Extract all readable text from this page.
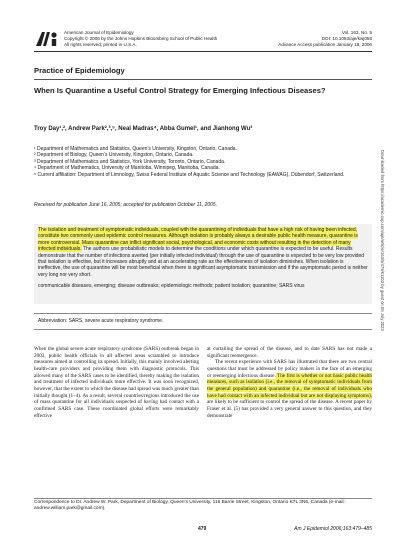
American Journal of Epidemiology
Copyright © 2006 by the Johns Hopkins Bloomberg School of Public Health
All rights reserved; printed in U.S.A.
Vol. 163, No. 5
DOI: 10.1093/aje/kwj056
Advance Access publication January 18, 2006
Practice of Epidemiology
When Is Quarantine a Useful Control Strategy for Emerging Infectious Diseases?
Troy Day¹,², Andrew Park²,³,⁵, Neal Madras⁴, Abba Gumel¹, and Jianhong Wu³
¹ Department of Mathematics and Statistics, Queen’s University, Kingston, Ontario, Canada.
² Department of Biology, Queen’s University, Kingston, Ontario, Canada.
³ Department of Mathematics and Statistics, York University, Toronto, Ontario, Canada.
⁴ Department of Mathematics, University of Manitoba, Winnipeg, Manitoba, Canada.
⁵ Current affiliation: Department of Limnology, Swiss Federal Institute of Aquatic Science and Technology (EAWAG), Dübendorf, Switzerland.
Received for publication June 16, 2005; accepted for publication October 11, 2005.
The isolation and treatment of symptomatic individuals, coupled with the quarantining of individuals that have a high risk of having been infected, constitute two commonly used epidemic control measures. Although isolation is probably always a desirable public health measure, quarantine is more controversial. Mass quarantine can inflict significant social, psychological, and economic costs without resulting in the detection of many infected individuals. The authors use probabilistic models to determine the conditions under which quarantine is expected to be useful. Results demonstrate that the number of infections averted (per initially infected individual) through the use of quarantine is expected to be very low provided that isolation is effective, but it increases abruptly and at an accelerating rate as the effectiveness of isolation diminishes. When isolation is ineffective, the use of quarantine will be most beneficial when there is significant asymptomatic transmission and if the asymptomatic period is neither very long nor very short.
communicable diseases, emerging; disease outbreaks; epidemiologic methods; patient isolation; quarantine; SARS virus
Abbreviation: SARS, severe acute respiratory syndrome.
When the global severe acute respiratory syndrome (SARS) outbreak began in 2003, public health officials in all affected areas scrambled to introduce measures aimed at controlling its spread. Initially, this mainly involved alerting health-care providers and providing them with diagnostic protocols. This allowed many of the SARS cases to be identified, thereby making the isolation and treatment of infected individuals more effective. It was soon recognized, however, that the extent to which the disease had spread was much greater than initially thought (1–4). As a result, several countries/regions introduced the use of mass quarantine for all individuals suspected of having had contact with a confirmed SARS case. These coordinated global efforts were remarkably effective
at curtailing the spread of the disease, and to date SARS has not made a significant reemergence.
The recent experience with SARS has illustrated that there are two central questions that must be addressed by policy makers in the face of an emerging or reemerging infectious disease. The first is whether or not basic public health measures, such as isolation (i.e., the removal of symptomatic individuals from the general population) and quarantine (i.e., the removal of individuals who have had contact with an infected individual but are not displaying symptoms), are likely to be sufficient to control the spread of the disease. A recent paper by Fraser et al. (5) has provided a very general answer to this question, and they demonstrate
Correspondence to Dr. Andrew W. Park, Department of Biology, Queen’s University, 116 Barrie Street, Kingston, Ontario K7L 3N6, Canada (e-mail: andrew.william.park@gmail.com).
479	Am J Epidemiol 2006;163:479–485
Downloaded from https://academic.oup.com/aje/article/163/5/479/61103 by guest on 05 July 2023
